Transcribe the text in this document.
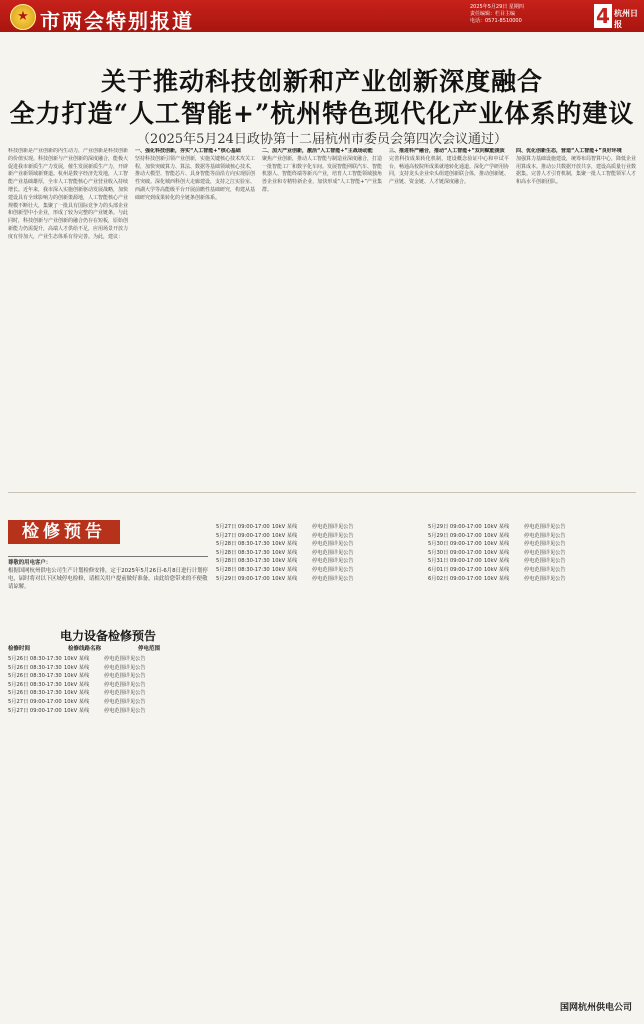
★ 市两会特别报道
2025年5月29日 星期四
责任编辑：栏目主编
电话：0571-8510000	4 杭州日报
关于推动科技创新和产业创新深度融合
全力打造“人工智能+”杭州特色现代化产业体系的建议
（2025年5月24日政协第十二届杭州市委员会第四次会议通过）
科技创新是产业创新的内生动力，产业创新是科技创新的价值实现。科技创新与产业创新的深度融合，能极大促进我市新质生产力发展，催生发展新质生产力，开辟新产业新领域新赛道。杭州是数字经济先发地，人工智能产业基础雄厚，全市人工智能核心产业营业收入持续增长。近年来，我市深入实施创新驱动发展战略，加快建设具有全球影响力的创新策源地，人工智能核心产业规模不断壮大，集聚了一批具有国际竞争力的头部企业和创新型中小企业，形成了较为完整的产业链条。与此同时，科技创新与产业创新的融合仍存在短板，原始创新能力仍需提升，高端人才供给不足，应用场景开放力度有待加大，产业生态体系有待完善。为此，建议：
一、强化科技创新，夯实“人工智能+”核心基础
坚持科技创新引领产业创新，实施关键核心技术攻关工程，加快突破算力、算法、数据等基础领域核心技术，推动大模型、智能芯片、具身智能等前沿方向实现原创性突破。深化城西科创大走廊建设，支持之江实验室、西湖大学等高能级平台开展前瞻性基础研究，构建从基础研究到成果转化的全链条创新体系。
二、加大产业创新，激活“人工智能+”主战场动能
聚焦产业创新，推动人工智能与制造业深度融合，打造一批智能工厂和数字化车间。发展智能网联汽车、智能机器人、智能终端等新兴产业，培育人工智能领域独角兽企业和专精特新企业，加快形成“人工智能+”产业集群。
三、推进科产融合，推动“人工智能+”双向赋能提质
完善科技成果转化机制，建设概念验证中心和中试平台，畅通高校院所成果就地转化通道。深化产学研用协同，支持龙头企业牵头组建创新联合体，推动创新链、产业链、资金链、人才链深度融合。
四、优化创新生态，营造“人工智能+”良好环境
加强算力基础设施建设，统筹布局智算中心，降低企业用算成本。推动公共数据开放共享，建设高质量行业数据集。完善人才引育机制，集聚一批人工智能领军人才和高水平创新团队。
检修预告
尊敬的用电客户：
根据国网杭州供电公司生产计划检修安排，定于2025年5月26日-6月8日进行计划停电，届时将对以下区域停电检修，请相关用户提前做好准备，由此给您带来的不便敬请谅解。
电力设备检修预告
检修时间	检修线路名称	停电范围
5月26日 08:30-17:30 10kV 某线	停电范围详见公告
5月26日 08:30-17:30 10kV 某线	停电范围详见公告
5月26日 08:30-17:30 10kV 某线	停电范围详见公告
5月26日 08:30-17:30 10kV 某线	停电范围详见公告
5月26日 08:30-17:30 10kV 某线	停电范围详见公告
5月27日 09:00-17:00 10kV 某线	停电范围详见公告
5月27日 09:00-17:00 10kV 某线	停电范围详见公告
5月27日 09:00-17:00 10kV 某线	停电范围详见公告
5月27日 09:00-17:00 10kV 某线	停电范围详见公告
5月28日 08:30-17:30 10kV 某线	停电范围详见公告
5月28日 08:30-17:30 10kV 某线	停电范围详见公告
5月28日 08:30-17:30 10kV 某线	停电范围详见公告
5月28日 08:30-17:30 10kV 某线	停电范围详见公告
5月29日 09:00-17:00 10kV 某线	停电范围详见公告
5月29日 09:00-17:00 10kV 某线	停电范围详见公告
5月29日 09:00-17:00 10kV 某线	停电范围详见公告
5月30日 09:00-17:00 10kV 某线	停电范围详见公告
5月30日 09:00-17:00 10kV 某线	停电范围详见公告
5月31日 09:00-17:00 10kV 某线	停电范围详见公告
6月01日 09:00-17:00 10kV 某线	停电范围详见公告
6月02日 09:00-17:00 10kV 某线	停电范围详见公告
国网杭州供电公司
